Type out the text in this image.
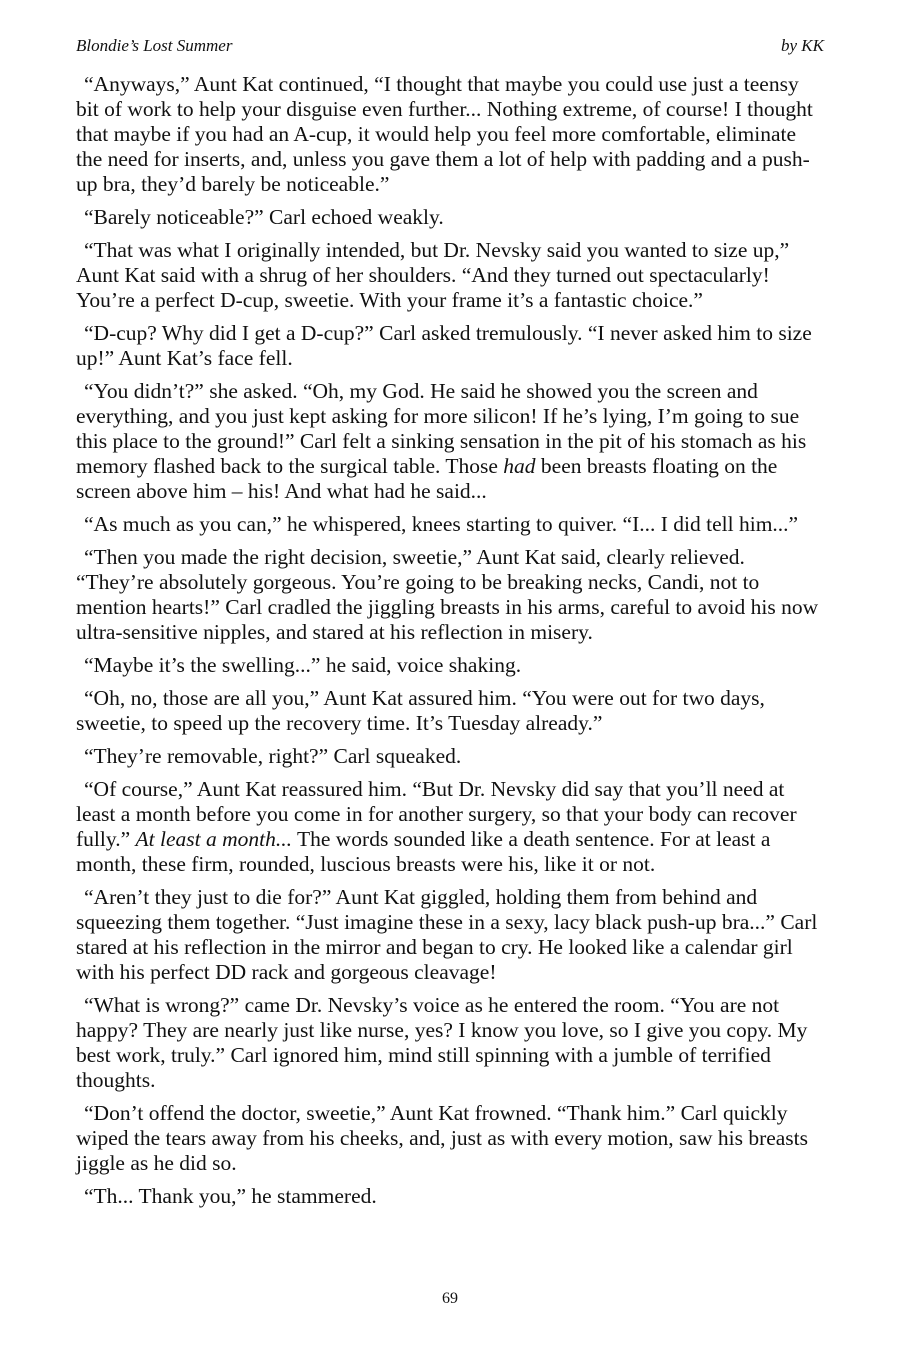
Blondie’s Lost Summer	by KK

“Anyways,” Aunt Kat continued, “I thought that maybe you could use just a teensy bit of work to help your disguise even further... Nothing extreme, of course! I thought that maybe if you had an A-cup, it would help you feel more comfortable, eliminate the need for inserts, and, unless you gave them a lot of help with padding and a push-up bra, they’d barely be noticeable.”

“Barely noticeable?” Carl echoed weakly.

“That was what I originally intended, but Dr. Nevsky said you wanted to size up,” Aunt Kat said with a shrug of her shoulders. “And they turned out spectacularly! You’re a perfect D-cup, sweetie. With your frame it’s a fantastic choice.”

“D-cup? Why did I get a D-cup?” Carl asked tremulously. “I never asked him to size up!” Aunt Kat’s face fell.

“You didn’t?” she asked. “Oh, my God. He said he showed you the screen and everything, and you just kept asking for more silicon! If he’s lying, I’m going to sue this place to the ground!” Carl felt a sinking sensation in the pit of his stomach as his memory flashed back to the surgical table. Those had been breasts floating on the screen above him – his! And what had he said...

“As much as you can,” he whispered, knees starting to quiver. “I... I did tell him...”

“Then you made the right decision, sweetie,” Aunt Kat said, clearly relieved. “They’re absolutely gorgeous. You’re going to be breaking necks, Candi, not to mention hearts!” Carl cradled the jiggling breasts in his arms, careful to avoid his now ultra-sensitive nipples, and stared at his reflection in misery.

“Maybe it’s the swelling...” he said, voice shaking.

“Oh, no, those are all you,” Aunt Kat assured him. “You were out for two days, sweetie, to speed up the recovery time. It’s Tuesday already.”

“They’re removable, right?” Carl squeaked.

“Of course,” Aunt Kat reassured him. “But Dr. Nevsky did say that you’ll need at least a month before you come in for another surgery, so that your body can recover fully.” At least a month... The words sounded like a death sentence. For at least a month, these firm, rounded, luscious breasts were his, like it or not.

“Aren’t they just to die for?” Aunt Kat giggled, holding them from behind and squeezing them together. “Just imagine these in a sexy, lacy black push-up bra...” Carl stared at his reflection in the mirror and began to cry. He looked like a calendar girl with his perfect DD rack and gorgeous cleavage!

“What is wrong?” came Dr. Nevsky’s voice as he entered the room. “You are not happy? They are nearly just like nurse, yes? I know you love, so I give you copy. My best work, truly.” Carl ignored him, mind still spinning with a jumble of terrified thoughts.

“Don’t offend the doctor, sweetie,” Aunt Kat frowned. “Thank him.” Carl quickly wiped the tears away from his cheeks, and, just as with every motion, saw his breasts jiggle as he did so.

“Th... Thank you,” he stammered.

69
